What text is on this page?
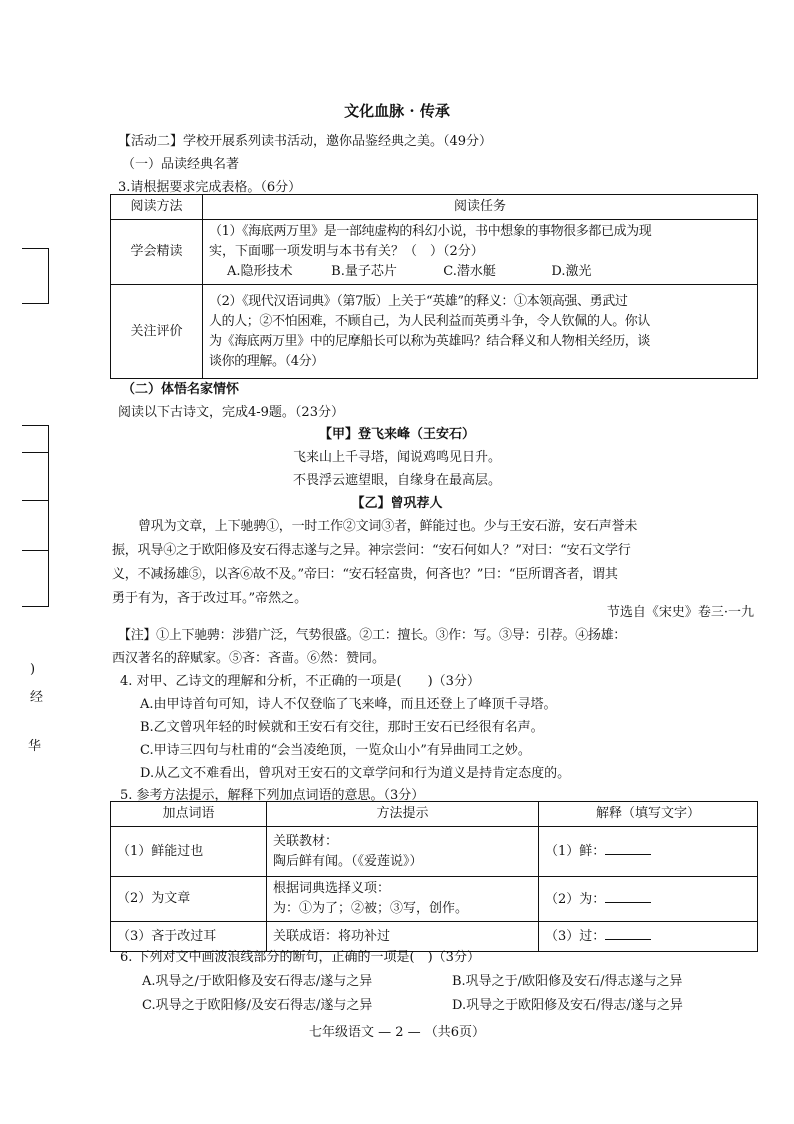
)
经
华
文化血脉 · 传承
【活动二】学校开展系列读书活动，邀你品鉴经典之美。（49分）
（一）品读经典名著
3.请根据要求完成表格。（6分）
阅读方法	阅读任务
学会精读	（1）《海底两万里》是一部纯虚构的科幻小说，书中想象的事物很多都已成为现
实，下面哪一项发明与本书有关？（　）（2分）
A.隐形技术 B.量子芯片 C.潜水艇 D.激光

关注评价	（2）《现代汉语词典》（第7版）上关于“英雄”的释义：①本领高强、勇武过
人的人；②不怕困难，不顾自己，为人民利益而英勇斗争，令人钦佩的人。你认
为《海底两万里》中的尼摩船长可以称为英雄吗？结合释义和人物相关经历，谈
谈你的理解。（4分）
（二）体悟名家情怀
阅读以下古诗文，完成4-9题。（23分）
【甲】登飞来峰（王安石）
飞来山上千寻塔，闻说鸡鸣见日升。
不畏浮云遮望眼，自缘身在最高层。
【乙】曾巩荐人
曾巩为文章，上下驰骋①，一时工作②文词③者，鲜能过也。少与王安石游，安石声誉未
振，巩导④之于欧阳修及安石得志遂与之异。神宗尝问：“安石何如人？”对曰：“安石文学行
义，不减扬雄⑤，以吝⑥故不及。”帝曰：“安石轻富贵，何吝也？”曰：“臣所谓吝者，谓其
勇于有为，吝于改过耳。”帝然之。
节选自《宋史》卷三·一九
【注】①上下驰骋：涉猎广泛，气势很盛。②工：擅长。③作：写。③导：引荐。④扬雄：
西汉著名的辞赋家。⑤吝：吝啬。⑥然：赞同。
4. 对甲、乙诗文的理解和分析，不正确的一项是(　　)（3分）
A.由甲诗首句可知，诗人不仅登临了飞来峰，而且还登上了峰顶千寻塔。
B.乙文曾巩年轻的时候就和王安石有交往，那时王安石已经很有名声。
C.甲诗三四句与杜甫的“会当凌绝顶，一览众山小”有异曲同工之妙。
D.从乙文不难看出，曾巩对王安石的文章学问和行为道义是持肯定态度的。
5. 参考方法提示，解释下列加点词语的意思。（3分）
加点词语	方法提示	解释（填写文字）
（1）鲜能过也	关联教材：
陶后鲜有闻。（《爱莲说》）	（1）鲜：
（2）为文章	根据词典选择义项：
为：①为了；②被；③写，创作。	（2）为：
（3）吝于改过耳	关联成语：将功补过	（3）过：
6. 下列对文中画波浪线部分的断句，正确的一项是(　)（3分）
A.巩导之/于欧阳修及安石得志/遂与之异	B.巩导之于/欧阳修及安石/得志遂与之异
C.巩导之于欧阳修/及安石得志/遂与之异	D.巩导之于欧阳修及安石/得志/遂与之异
七年级语文 — 2 — （共6页）
